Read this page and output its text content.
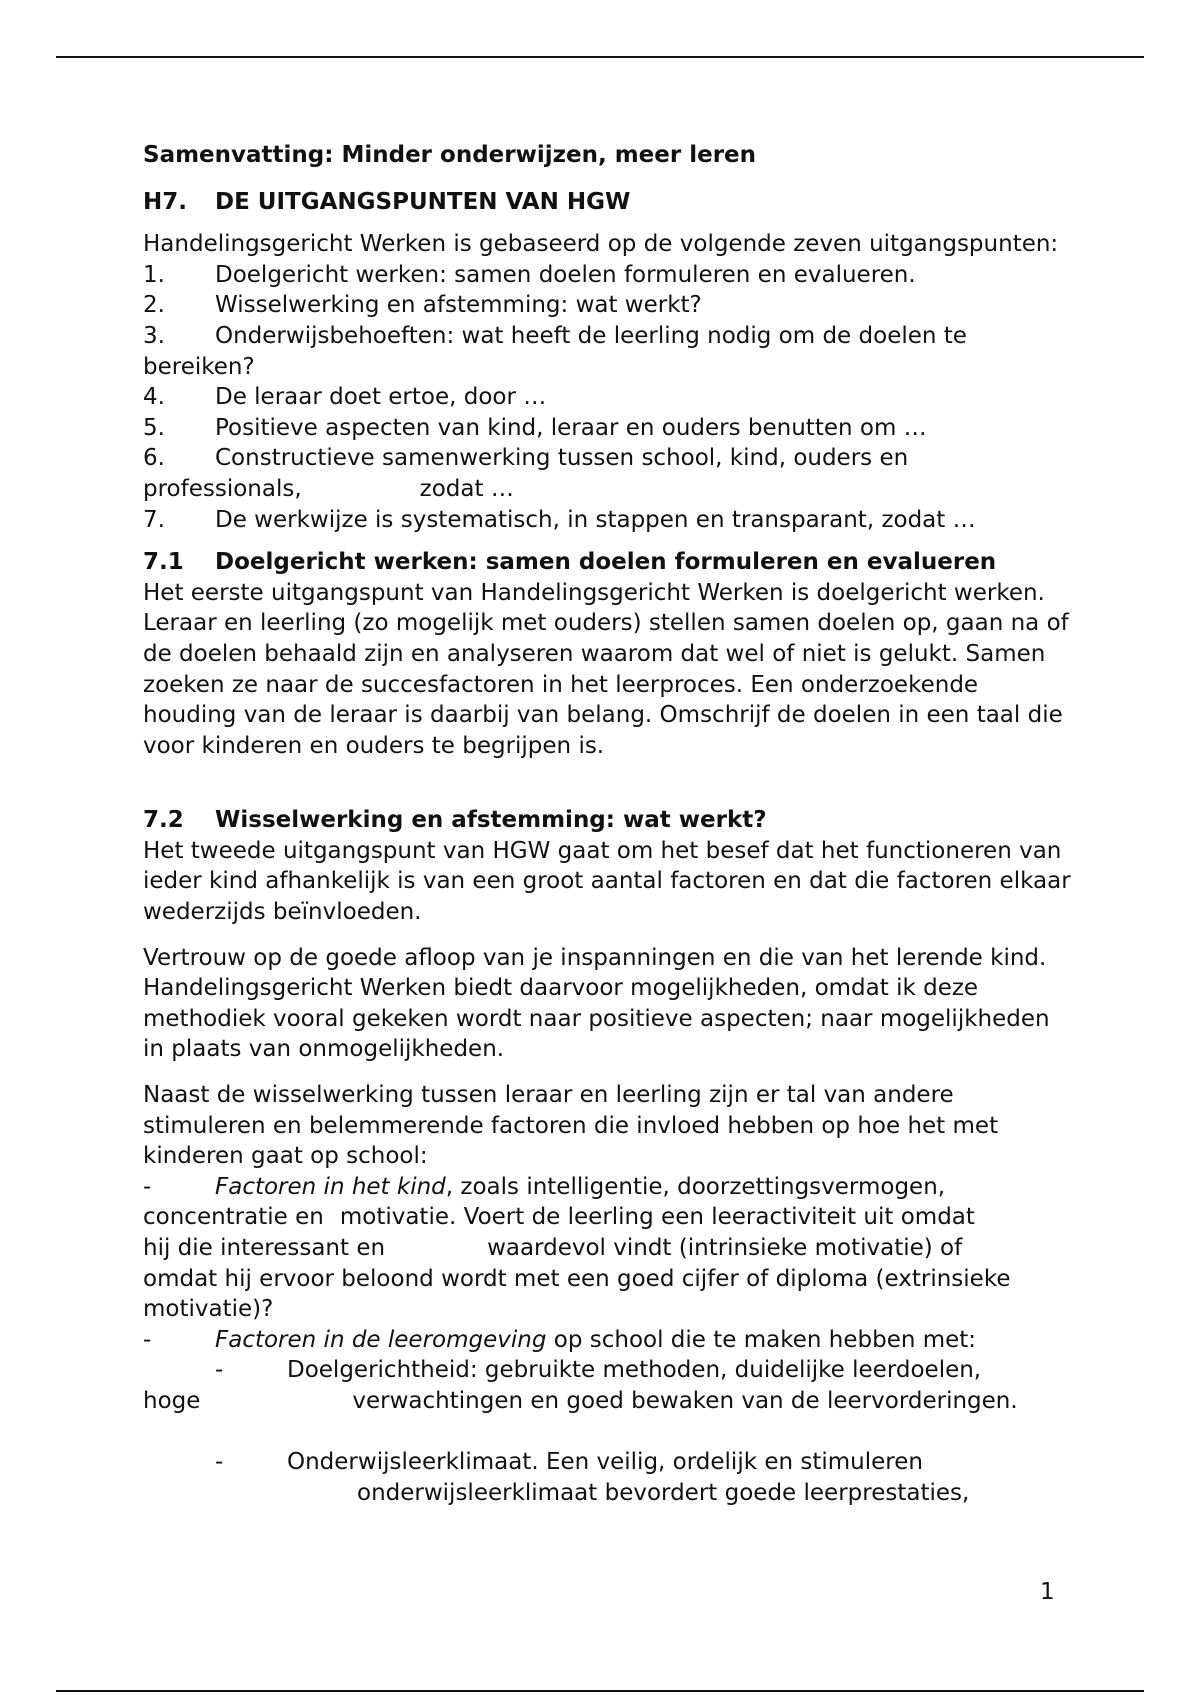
Samenvatting: Minder onderwijzen, meer leren

H7.	DE UITGANGSPUNTEN VAN HGW

Handelingsgericht Werken is gebaseerd op de volgende zeven uitgangspunten:

1. Doelgericht werken: samen doelen formuleren en evalueren.
2. Wisselwerking en afstemming: wat werkt?
3. Onderwijsbehoeften: wat heeft de leerling nodig om de doelen te
bereiken?
4. De leraar doet ertoe, door …
5. Positieve aspecten van kind, leraar en ouders benutten om …
6. Constructieve samenwerking tussen school, kind, ouders en
professionals,	zodat …
7. De werkwijze is systematisch, in stappen en transparant, zodat …
7.1	Doelgericht werken: samen doelen formuleren en evalueren

Het eerste uitgangspunt van Handelingsgericht Werken is doelgericht werken. Leraar en leerling (zo mogelijk met ouders) stellen samen doelen op, gaan na of de doelen behaald zijn en analyseren waarom dat wel of niet is gelukt. Samen zoeken ze naar de succesfactoren in het leerproces. Een onderzoekende houding van de leraar is daarbij van belang. Omschrijf de doelen in een taal die voor kinderen en ouders te begrijpen is.

7.2	Wisselwerking en afstemming: wat werkt?

Het tweede uitgangspunt van HGW gaat om het besef dat het functioneren van ieder kind afhankelijk is van een groot aantal factoren en dat die factoren elkaar wederzijds beïnvloeden.

Vertrouw op de goede afloop van je inspanningen en die van het lerende kind. Handelingsgericht Werken biedt daarvoor mogelijkheden, omdat ik deze methodiek vooral gekeken wordt naar positieve aspecten; naar mogelijkheden in plaats van onmogelijkheden.

Naast de wisselwerking tussen leraar en leerling zijn er tal van andere stimuleren en belemmerende factoren die invloed hebben op hoe het met kinderen gaat op school:

-	Factoren in het kind, zoals intelligentie, doorzettingsvermogen,
concentratie en motivatie. Voert de leerling een leeractiviteit uit omdat
hij die interessant en	waardevol vindt (intrinsieke motivatie) of
omdat hij ervoor beloond wordt met een goed cijfer of diploma (extrinsieke motivatie)?
-	Factoren in de leeromgeving op school die te maken hebben met:
-	Doelgerichtheid: gebruikte methoden, duidelijke leerdoelen,
hoge	verwachtingen en goed bewaken van de leervorderingen.
-	Onderwijsleerklimaat. Een veilig, ordelijk en stimuleren
onderwijsleerklimaat bevordert goede leerprestaties,
1
